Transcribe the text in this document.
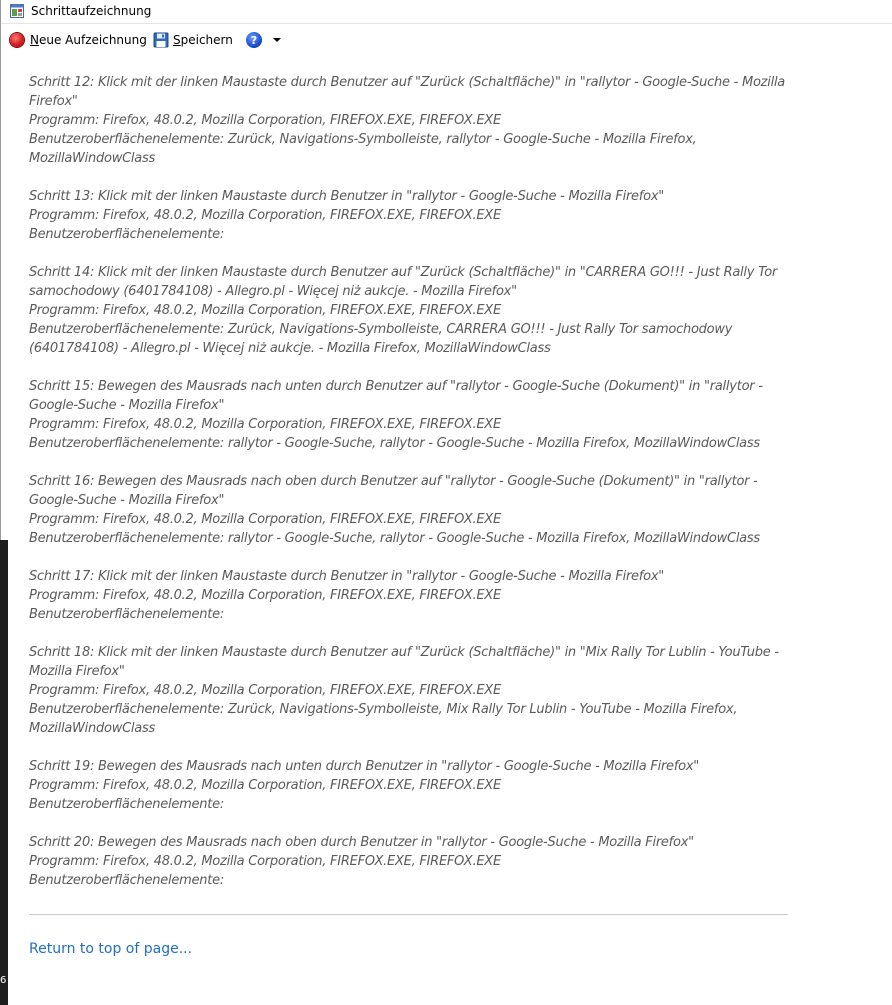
6
Schrittaufzeichnung
Neue Aufzeichnung Speichern	?
Schritt 12: Klick mit der linken Maustaste durch Benutzer auf "Zurück (Schaltfläche)" in "rallytor - Google-Suche - Mozilla Firefox"
Programm: Firefox, 48.0.2, Mozilla Corporation, FIREFOX.EXE, FIREFOX.EXE
Benutzeroberflächenelemente: Zurück, Navigations-Symbolleiste, rallytor - Google-Suche - Mozilla Firefox, MozillaWindowClass
Schritt 13: Klick mit der linken Maustaste durch Benutzer in "rallytor - Google-Suche - Mozilla Firefox"
Programm: Firefox, 48.0.2, Mozilla Corporation, FIREFOX.EXE, FIREFOX.EXE
Benutzeroberflächenelemente:
Schritt 14: Klick mit der linken Maustaste durch Benutzer auf "Zurück (Schaltfläche)" in "CARRERA GO!!! - Just Rally Tor samochodowy (6401784108) - Allegro.pl - Więcej niż aukcje. - Mozilla Firefox"
Programm: Firefox, 48.0.2, Mozilla Corporation, FIREFOX.EXE, FIREFOX.EXE
Benutzeroberflächenelemente: Zurück, Navigations-Symbolleiste, CARRERA GO!!! - Just Rally Tor samochodowy (6401784108) - Allegro.pl - Więcej niż aukcje. - Mozilla Firefox, MozillaWindowClass
Schritt 15: Bewegen des Mausrads nach unten durch Benutzer auf "rallytor - Google-Suche (Dokument)" in "rallytor - Google-Suche - Mozilla Firefox"
Programm: Firefox, 48.0.2, Mozilla Corporation, FIREFOX.EXE, FIREFOX.EXE
Benutzeroberflächenelemente: rallytor - Google-Suche, rallytor - Google-Suche - Mozilla Firefox, MozillaWindowClass
Schritt 16: Bewegen des Mausrads nach oben durch Benutzer auf "rallytor - Google-Suche (Dokument)" in "rallytor - Google-Suche - Mozilla Firefox"
Programm: Firefox, 48.0.2, Mozilla Corporation, FIREFOX.EXE, FIREFOX.EXE
Benutzeroberflächenelemente: rallytor - Google-Suche, rallytor - Google-Suche - Mozilla Firefox, MozillaWindowClass
Schritt 17: Klick mit der linken Maustaste durch Benutzer in "rallytor - Google-Suche - Mozilla Firefox"
Programm: Firefox, 48.0.2, Mozilla Corporation, FIREFOX.EXE, FIREFOX.EXE
Benutzeroberflächenelemente:
Schritt 18: Klick mit der linken Maustaste durch Benutzer auf "Zurück (Schaltfläche)" in "Mix Rally Tor Lublin - YouTube - Mozilla Firefox"
Programm: Firefox, 48.0.2, Mozilla Corporation, FIREFOX.EXE, FIREFOX.EXE
Benutzeroberflächenelemente: Zurück, Navigations-Symbolleiste, Mix Rally Tor Lublin - YouTube - Mozilla Firefox, MozillaWindowClass
Schritt 19: Bewegen des Mausrads nach unten durch Benutzer in "rallytor - Google-Suche - Mozilla Firefox"
Programm: Firefox, 48.0.2, Mozilla Corporation, FIREFOX.EXE, FIREFOX.EXE
Benutzeroberflächenelemente:
Schritt 20: Bewegen des Mausrads nach oben durch Benutzer in "rallytor - Google-Suche - Mozilla Firefox"
Programm: Firefox, 48.0.2, Mozilla Corporation, FIREFOX.EXE, FIREFOX.EXE
Benutzeroberflächenelemente:
Return to top of page...
